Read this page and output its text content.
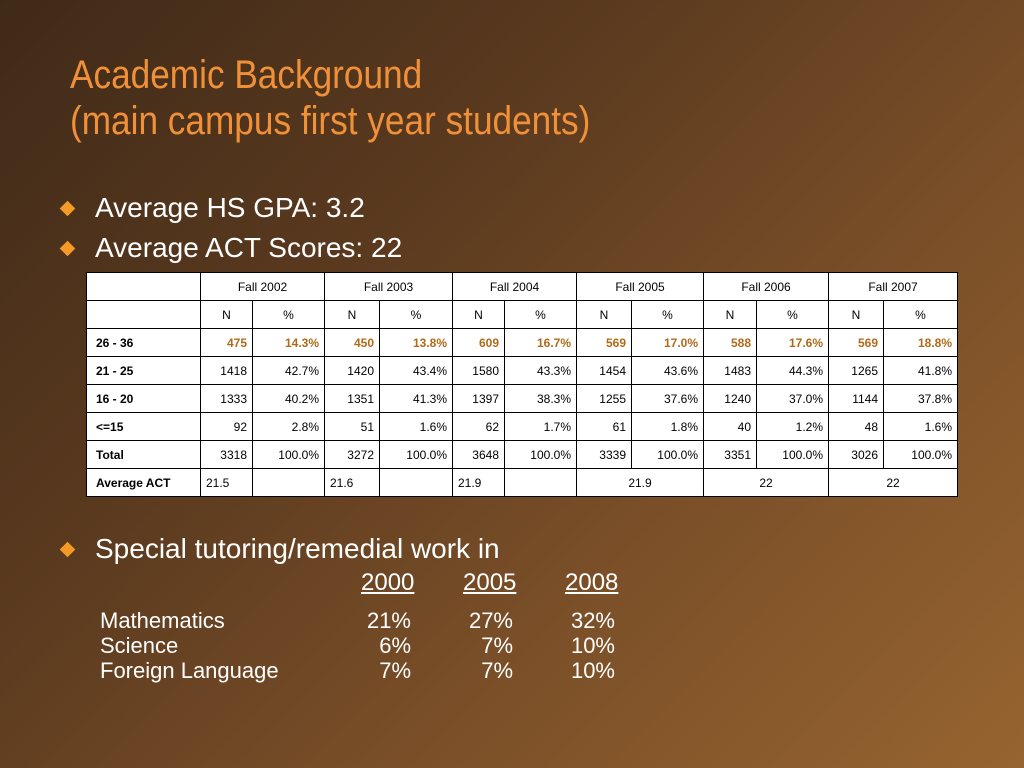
Academic Background
(main campus first year students)
Average HS GPA: 3.2
Average ACT Scores: 22
	Fall 2002		Fall 2003		Fall 2004		Fall 2005		Fall 2006		Fall 2007	
	N	%	N	%	N	%	N	%	N	%	N	%
26 - 36	475	14.3%	450	13.8%	609	16.7%	569	17.0%	588	17.6%	569	18.8%
21 - 25	1418	42.7%	1420	43.4%	1580	43.3%	1454	43.6%	1483	44.3%	1265	41.8%
16 - 20	1333	40.2%	1351	41.3%	1397	38.3%	1255	37.6%	1240	37.0%	1144	37.8%
<=15	92	2.8%	51	1.6%	62	1.7%	61	1.8%	40	1.2%	48	1.6%
Total	3318	100.0%	3272	100.0%	3648	100.0%	3339	100.0%	3351	100.0%	3026	100.0%
Average ACT	21.5		21.6		21.9		21.9		22		22	
Special tutoring/remedial work in
2000 2005 2008
Mathematics	21%	27%	32%
Science	6%	7%	10%
Foreign Language	7%	7%	10%
